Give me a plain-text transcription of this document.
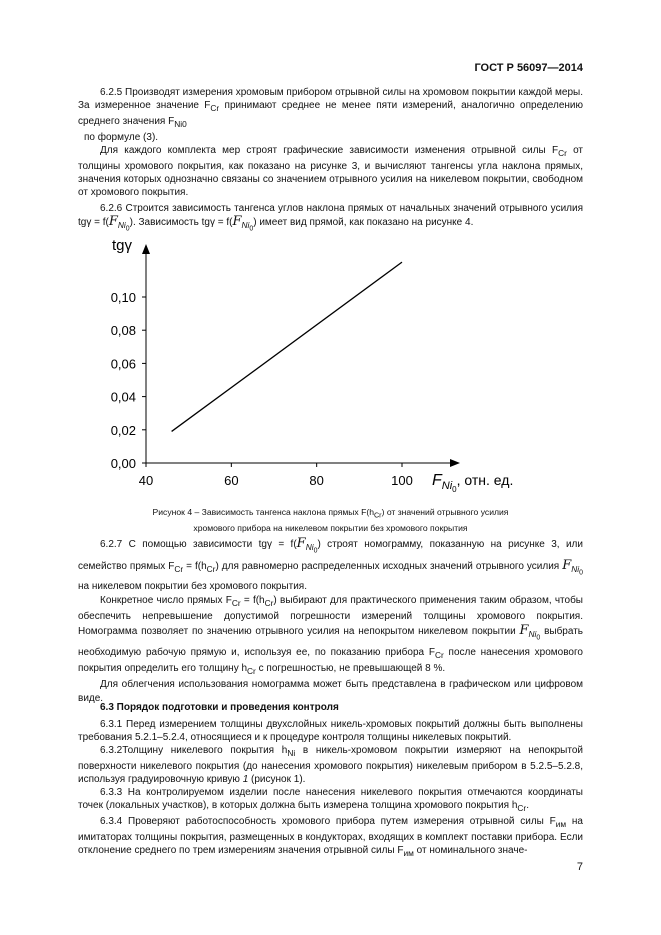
ГОСТ Р 56097—2014

6.2.5 Производят измерения хромовым прибором отрывной силы на хромовом покрытии каждой меры. За измеренное значение $F_{Cr}$ принимают среднее не менее пяти измерений, аналогично определению среднего значения $F_{Ni0}$

по формуле (3).

Для каждого комплекта мер строят графические зависимости изменения отрывной силы $F_{Cr}$ от толщины хромового покрытия, как показано на рисунке 3, и вычисляют тангенсы угла наклона прямых, значения которых однозначно связаны со значением отрывного усилия на никелевом покрытии, свободном от хромового покрытия.

6.2.6 Строится зависимость тангенса углов наклона прямых от начальных значений отрывного усилия $tg\gamma = f(F_{Ni_0})$. Зависимость $tg\gamma = f(F_{Ni_0})$ имеет вид прямой, как показано на рисунке 4.

0,00
0,02
0,04
0,06
0,08
0,10
40	60	80	100
tgγ
$F_{Ni0}$, отн. ед.
Рисунок 4 – Зависимость тангенса наклона прямых $F(h_{Cr})$ от значений отрывного усилия
хромового прибора на никелевом покрытии без хромового покрытия

6.2.7 С помощью зависимости $tg\gamma = f(F_{Ni_0})$ строят номограмму, показанную на рисунке 3, или семейство прямых $F_{Cr} = f(h_{Cr})$ для равномерно распределенных исходных значений отрывного усилия $F_{Ni_0}$ на никелевом покрытии без хромового покрытия.

Конкретное число прямых $F_{Cr} = f(h_{Cr})$ выбирают для практического применения таким образом, чтобы обеспечить непревышение допустимой погрешности измерений толщины хромового покрытия. Номограмма позволяет по значению отрывного усилия на непокрытом никелевом покрытии $F_{Ni_0}$ выбрать необходимую рабочую прямую и, используя ее, по показанию прибора $F_{Cr}$ после нанесения хромового покрытия определить его толщину $h_{Cr}$ с погрешностью, не превышающей 8 %.

Для облегчения использования номограмма может быть представлена в графическом или цифровом виде.

6.3 Порядок подготовки и проведения контроля

6.3.1 Перед измерением толщины двухслойных никель-хромовых покрытий должны быть выполнены требования 5.2.1–5.2.4, относящиеся и к процедуре контроля толщины никелевых покрытий.

6.3.2Толщину никелевого покрытия $h_{Ni}$ в никель-хромовом покрытии измеряют на непокрытой поверхности никелевого покрытия (до нанесения хромового покрытия) никелевым прибором в 5.2.5–5.2.8, используя градуировочную кривую 1 (рисунок 1).

6.3.3 На контролируемом изделии после нанесения никелевого покрытия отмечаются координаты точек (локальных участков), в которых должна быть измерена толщина хромового покрытия $h_{Cr}$.

6.3.4 Проверяют работоспособность хромового прибора путем измерения отрывной силы $F_{им}$ на имитаторах толщины покрытия, размещенных в кондукторах, входящих в комплект поставки прибора. Если отклонение среднего по трем измерениям значения отрывной силы $F_{им}$ от номинального значе-

7
